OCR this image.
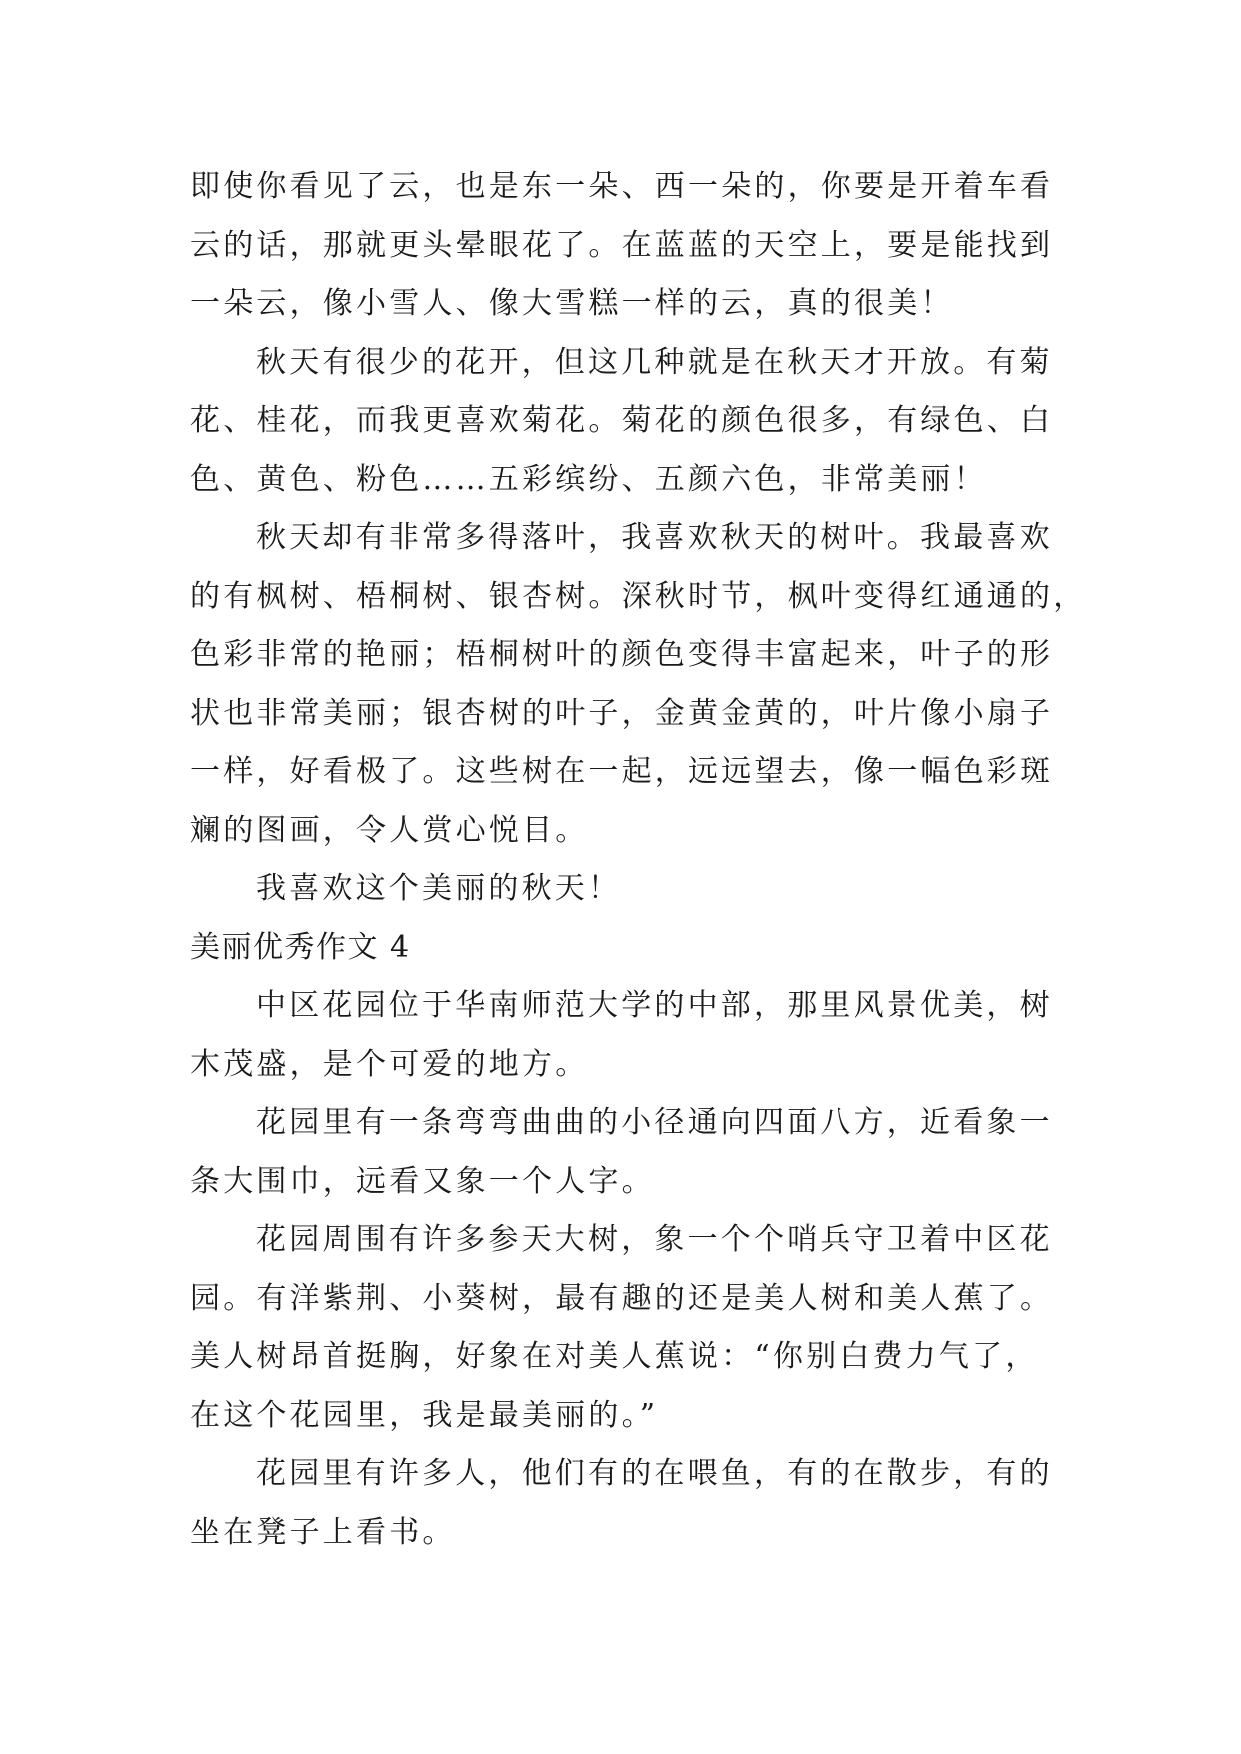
即使你看见了云，也是东一朵、西一朵的，你要是开着车看
云的话，那就更头晕眼花了。在蓝蓝的天空上，要是能找到
一朵云，像小雪人、像大雪糕一样的云，真的很美！
秋天有很少的花开，但这几种就是在秋天才开放。有菊
花、桂花，而我更喜欢菊花。菊花的颜色很多，有绿色、白
色、黄色、粉色……五彩缤纷、五颜六色，非常美丽！
秋天却有非常多得落叶，我喜欢秋天的树叶。我最喜欢
的有枫树、梧桐树、银杏树。深秋时节，枫叶变得红通通的，
色彩非常的艳丽；梧桐树叶的颜色变得丰富起来，叶子的形
状也非常美丽；银杏树的叶子，金黄金黄的，叶片像小扇子
一样，好看极了。这些树在一起，远远望去，像一幅色彩斑
斓的图画，令人赏心悦目。
我喜欢这个美丽的秋天！
美丽优秀作文 4
中区花园位于华南师范大学的中部，那里风景优美，树
木茂盛，是个可爱的地方。
花园里有一条弯弯曲曲的小径通向四面八方，近看象一
条大围巾，远看又象一个人字。
花园周围有许多参天大树，象一个个哨兵守卫着中区花
园。有洋紫荆、小葵树，最有趣的还是美人树和美人蕉了。
美人树昂首挺胸，好象在对美人蕉说：“你别白费力气了，
在这个花园里，我是最美丽的。”
花园里有许多人，他们有的在喂鱼，有的在散步，有的
坐在凳子上看书。
